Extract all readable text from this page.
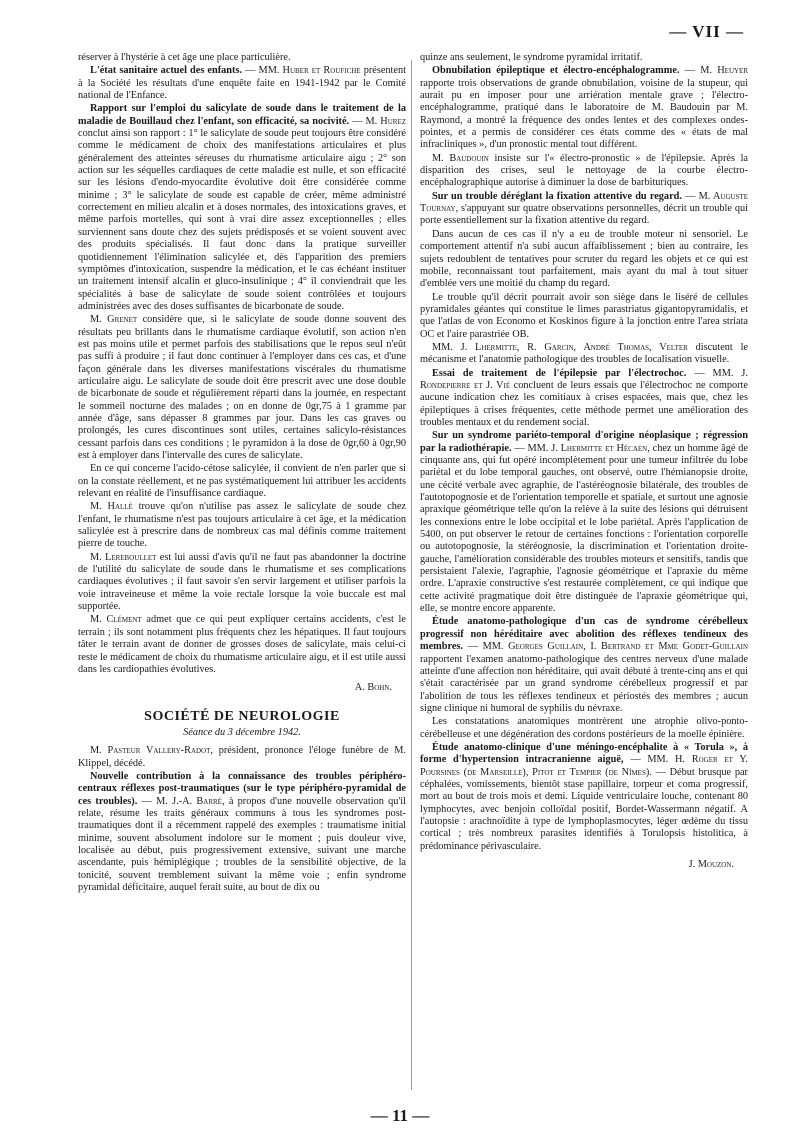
— VII —

réserver à l'hystérie à cet âge une place particulière.

L'état sanitaire actuel des enfants. — MM. Huber et Roufiche présentent à la Société les résultats d'une enquête faite en 1941-1942 par le Comité national de l'Enfance.

Rapport sur l'emploi du salicylate de soude dans le traitement de la maladie de Bouillaud chez l'enfant, son efficacité, sa nocivité. — M. Hurez conclut ainsi son rapport : 1° le salicylate de soude peut toujours être considéré comme le médicament de choix des manifestations articulaires et plus généralement des atteintes séreuses du rhumatisme articulaire aigu ; 2° son action sur les séquelles cardiaques de cette maladie est nulle, et son efficacité sur les lésions d'endo-myocardite évolutive doit être considérée comme minime ; 3° le salicylate de soude est capable de créer, même administré correctement en milieu alcalin et à doses normales, des intoxications graves, et même parfois mortelles, qui sont à vrai dire assez exceptionnelles ; elles surviennent sans doute chez des sujets prédisposés et se voient souvent avec des produits spécialisés. Il faut donc dans la pratique surveiller quotidiennement l'élimination salicylée et, dès l'apparition des premiers symptômes d'intoxication, suspendre la médication, et le cas échéant instituer un traitement intensif alcalin et gluco-insulinique ; 4° il conviendrait que les spécialités à base de salicylate de soude soient contrôlées et toujours administrées avec des doses suffisantes de bicarbonate de soude.

M. Grenet considère que, si le salicylate de soude donne souvent des résultats peu brillants dans le rhumatisme cardiaque évolutif, son action n'en est pas moins utile et permet parfois des stabilisations que le repos seul n'eût pas suffi à produire ; il faut donc continuer à l'employer dans ces cas, et d'une façon générale dans les diverses manifestations viscérales du rhumatisme articulaire aigu. Le salicylate de soude doit être prescrit avec une dose double de bicarbonate de soude et régulièrement réparti dans la journée, en respectant le sommeil nocturne des malades ; on en donne de 0gr,75 à 1 gramme par année d'âge, sans dépasser 8 grammes par jour. Dans les cas graves ou prolongés, les cures discontinues sont utiles, certaines salicylo-résistances cessant parfois dans ces conditions ; le pyramidon à la dose de 0gr,60 à 0gr,90 est à employer dans l'intervalle des cures de salicylate.

En ce qui concerne l'acido-cétose salicylée, il convient de n'en parler que si on la constate réellement, et ne pas systématiquement lui attribuer les accidents relevant en réalité de l'insuffisance cardiaque.

M. Hallé trouve qu'on n'utilise pas assez le salicylate de soude chez l'enfant, le rhumatisme n'est pas toujours articulaire à cet âge, et la médication salicylée est à prescrire dans de nombreux cas mal définis comme traitement pierre de touche.

M. Lereboullet est lui aussi d'avis qu'il ne faut pas abandonner la doctrine de l'utilité du salicylate de soude dans le rhumatisme et ses complications cardiaques évolutives ; il faut savoir s'en servir largement et utiliser parfois la voie intraveineuse et même la voie rectale lorsque la voie buccale est mal supportée.

M. Clément admet que ce qui peut expliquer certains accidents, c'est le terrain ; ils sont notamment plus fréquents chez les hépatiques. Il faut toujours tâter le terrain avant de donner de grosses doses de salicylate, mais celui-ci reste le médicament de choix du rhumatisme articulaire aigu, et il est utile aussi dans les cardiopathies évolutives.

A. Bohn.

SOCIÉTÉ DE NEUROLOGIE

Séance du 3 décembre 1942.

M. Pasteur Vallery-Radot, président, prononce l'éloge funèbre de M. Klippel, décédé.

Nouvelle contribution à la connaissance des troubles périphéro-centraux réflexes post-traumatiques (sur le type périphéro-pyramidal de ces troubles). — M. J.-A. Barré, à propos d'une nouvelle observation qu'il relate, résume les traits généraux communs à tous les syndromes post-traumatiques dont il a récemment rappelé des exemples : traumatisme initial minime, souvent absolument indolore sur le moment ; puis douleur vive, localisée au début, puis progressivement extensive, suivant une marche ascendante, puis hémiplégique ; troubles de la sensibilité objective, de la tonicité, souvent tremblement suivant la même voie ; enfin syndrome pyramidal déficitaire, auquel ferait suite, au bout de dix ou

quinze ans seulement, le syndrome pyramidal irritatif.

Obnubilation épileptique et électro-encéphalogramme. — M. Heuyer rapporte trois observations de grande obnubilation, voisine de la stupeur, qui aurait pu en imposer pour une arriération mentale grave ; l'électro-encéphalogramme, pratiqué dans le laboratoire de M. Baudouin par M. Raymond, a montré la fréquence des ondes lentes et des complexes ondes-pointes, et a permis de considérer ces états comme des « états de mal infracliniques », d'un pronostic mental tout différent.

M. Baudouin insiste sur l'« électro-pronostic » de l'épilepsie. Après la disparition des crises, seul le nettoyage de la courbe électro-encéphalographique autorise à diminuer la dose de barbituriques.

Sur un trouble déréglant la fixation attentive du regard. — M. Auguste Tournay, s'appuyant sur quatre observations personnelles, décrit un trouble qui porte essentiellement sur la fixation attentive du regard.

Dans aucun de ces cas il n'y a eu de trouble moteur ni sensoriel. Le comportement attentif n'a subi aucun affaiblissement ; bien au contraire, les sujets redoublent de tentatives pour scruter du regard les objets et ce qui est mobile, reconnaissant tout parfaitement, mais ayant du mal à tout situer d'emblée vers une moitié du champ du regard.

Le trouble qu'il décrit pourrait avoir son siège dans le liséré de cellules pyramidales géantes qui constitue le limes parastriatus gigantopyramidalis, et que l'atlas de von Economo et Koskinos figure à la jonction entre l'area striata OC et l'aire parastriée OB.

MM. J. Lhermitte, R. Garcin, André Thomas, Velter discutent le mécanisme et l'anatomie pathologique des troubles de localisation visuelle.

Essai de traitement de l'épilepsie par l'électrochoc. — MM. J. Rondepierre et J. Vié concluent de leurs essais que l'électrochoc ne comporte aucune indication chez les comitiaux à crises espacées, mais que, chez les épileptiques à crises fréquentes, cette méthode permet une amélioration des troubles mentaux et du rendement social.

Sur un syndrome pariéto-temporal d'origine néoplasique ; régression par la radiothérapie. — MM. J. Lhermitte et Hécaen, chez un homme âgé de cinquante ans, qui fut opéré incomplètement pour une tumeur infiltrée du lobe pariétal et du lobe temporal gauches, ont observé, outre l'hémianopsie droite, une cécité verbale avec agraphie, de l'astéréognosie bilatérale, des troubles de l'autotopognosie et de l'orientation temporelle et spatiale, et surtout une agnosie apraxique géométrique telle qu'on la relève à la suite des lésions qui détruisent les connexions entre le lobe occipital et le lobe pariétal. Après l'application de 5400, on put observer le retour de certaines fonctions : l'orientation corporelle ou autotopognosie, la stéréognosie, la discrimination et l'orientation droite-gauche, l'amélioration considérable des troubles moteurs et sensitifs, tandis que persistaient l'alexie, l'agraphie, l'agnosie géométrique et l'apraxie du même ordre. L'apraxie constructive s'est restaurée complètement, ce qui indique que cette activité pragmatique doit être distinguée de l'apraxie géométrique qui, elle, se montre encore apparente.

Étude anatomo-pathologique d'un cas de syndrome cérébelleux progressif non héréditaire avec abolition des réflexes tendineux des membres. — MM. Georges Guillain, I. Bertrand et Mme Godet-Guillain rapportent l'examen anatomo-pathologique des centres nerveux d'une malade atteinte d'une affection non héréditaire, qui avait débuté à trente-cinq ans et qui s'était caractérisée par un grand syndrome cérébelleux progressif et par l'abolition de tous les réflexes tendineux et périostés des membres ; aucun signe clinique ni humoral de syphilis du névraxe.

Les constatations anatomiques montrèrent une atrophie olivo-ponto-cérébelleuse et une dégénération des cordons postérieurs de la moelle épinière.

Étude anatomo-clinique d'une méningo-encéphalite à « Torula », à forme d'hypertension intracranienne aiguë, — MM. H. Roger et Y. Poursines (de Marseille), Pitot et Tempier (de Nîmes). — Début brusque par céphalées, vomissements, bientôt stase papillaire, torpeur et coma progressif, mort au bout de trois mois et demi. Liquide ventriculaire louche, contenant 80 lymphocytes, avec benjoin colloïdal positif, Bordet-Wassermann négatif. A l'autopsie : arachnoïdite à type de lymphoplasmocytes, léger œdème du tissu cortical ; très nombreux parasites identifiés à Torulopsis histolitica, à prédominance périvasculaire.

J. Mouzon.

— 11 —
